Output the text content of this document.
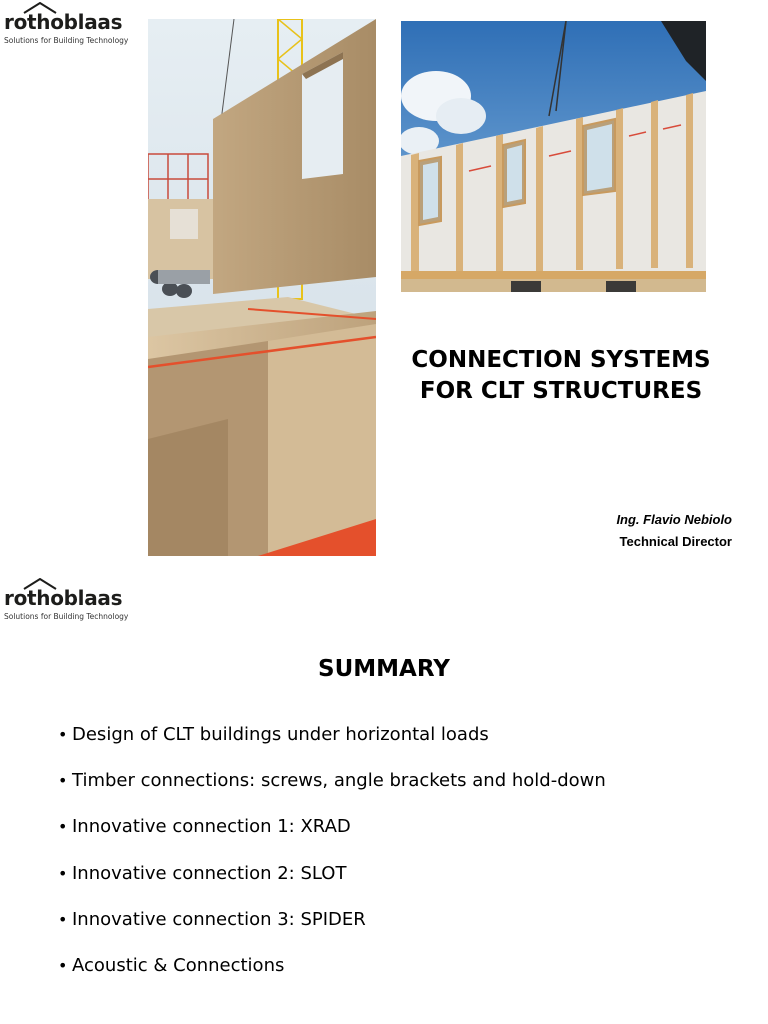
rothoblaas
Solutions for Building Technology
CONNECTION SYSTEMS
FOR CLT STRUCTURES
Ing. Flavio Nebiolo
Technical Director
rothoblaas
Solutions for Building Technology
SUMMARY
• Design of CLT buildings under horizontal loads
• Timber connections: screws, angle brackets and hold-down
• Innovative connection 1: XRAD
• Innovative connection 2: SLOT
• Innovative connection 3: SPIDER
• Acoustic & Connections
